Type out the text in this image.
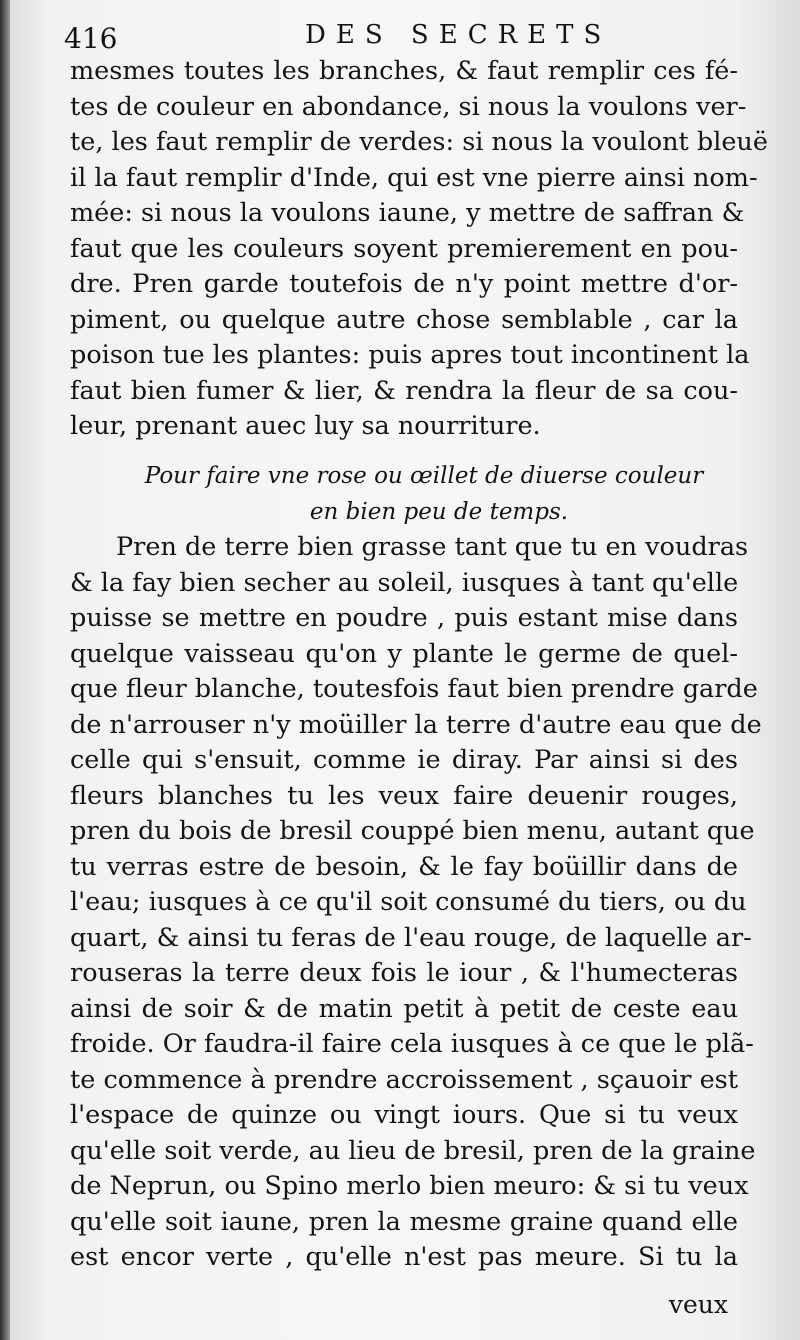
416	DES SECRETS
mesmes toutes les branches, & faut remplir ces fé-
tes de couleur en abondance, si nous la voulons ver-
te, les faut remplir de verdes: si nous la voulont bleuë
il la faut remplir d'Inde, qui est vne pierre ainsi nom-
mée: si nous la voulons iaune, y mettre de saffran &
faut que les couleurs soyent premierement en pou-
dre. Pren garde toutefois de n'y point mettre d'or-
piment, ou quelque autre chose semblable , car la
poison tue les plantes: puis apres tout incontinent la
faut bien fumer & lier, & rendra la fleur de sa cou-
leur, prenant auec luy sa nourriture.
Pour faire vne rose ou œillet de diuerse couleur
en bien peu de temps.
Pren de terre bien grasse tant que tu en voudras
& la fay bien secher au soleil, iusques à tant qu'elle
puisse se mettre en poudre , puis estant mise dans
quelque vaisseau qu'on y plante le germe de quel-
que fleur blanche, toutesfois faut bien prendre garde
de n'arrouser n'y moüiller la terre d'autre eau que de
celle qui s'ensuit, comme ie diray. Par ainsi si des
fleurs blanches tu les veux faire deuenir rouges,
pren du bois de bresil couppé bien menu, autant que
tu verras estre de besoin, & le fay boüillir dans de
l'eau; iusques à ce qu'il soit consumé du tiers, ou du
quart, & ainsi tu feras de l'eau rouge, de laquelle ar-
rouseras la terre deux fois le iour , & l'humecteras
ainsi de soir & de matin petit à petit de ceste eau
froide. Or faudra-il faire cela iusques à ce que le plã-
te commence à prendre accroissement , sçauoir est
l'espace de quinze ou vingt iours. Que si tu veux
qu'elle soit verde, au lieu de bresil, pren de la graine
de Neprun, ou Spino merlo bien meuro: & si tu veux
qu'elle soit iaune, pren la mesme graine quand elle
est encor verte , qu'elle n'est pas meure. Si tu la
veux
